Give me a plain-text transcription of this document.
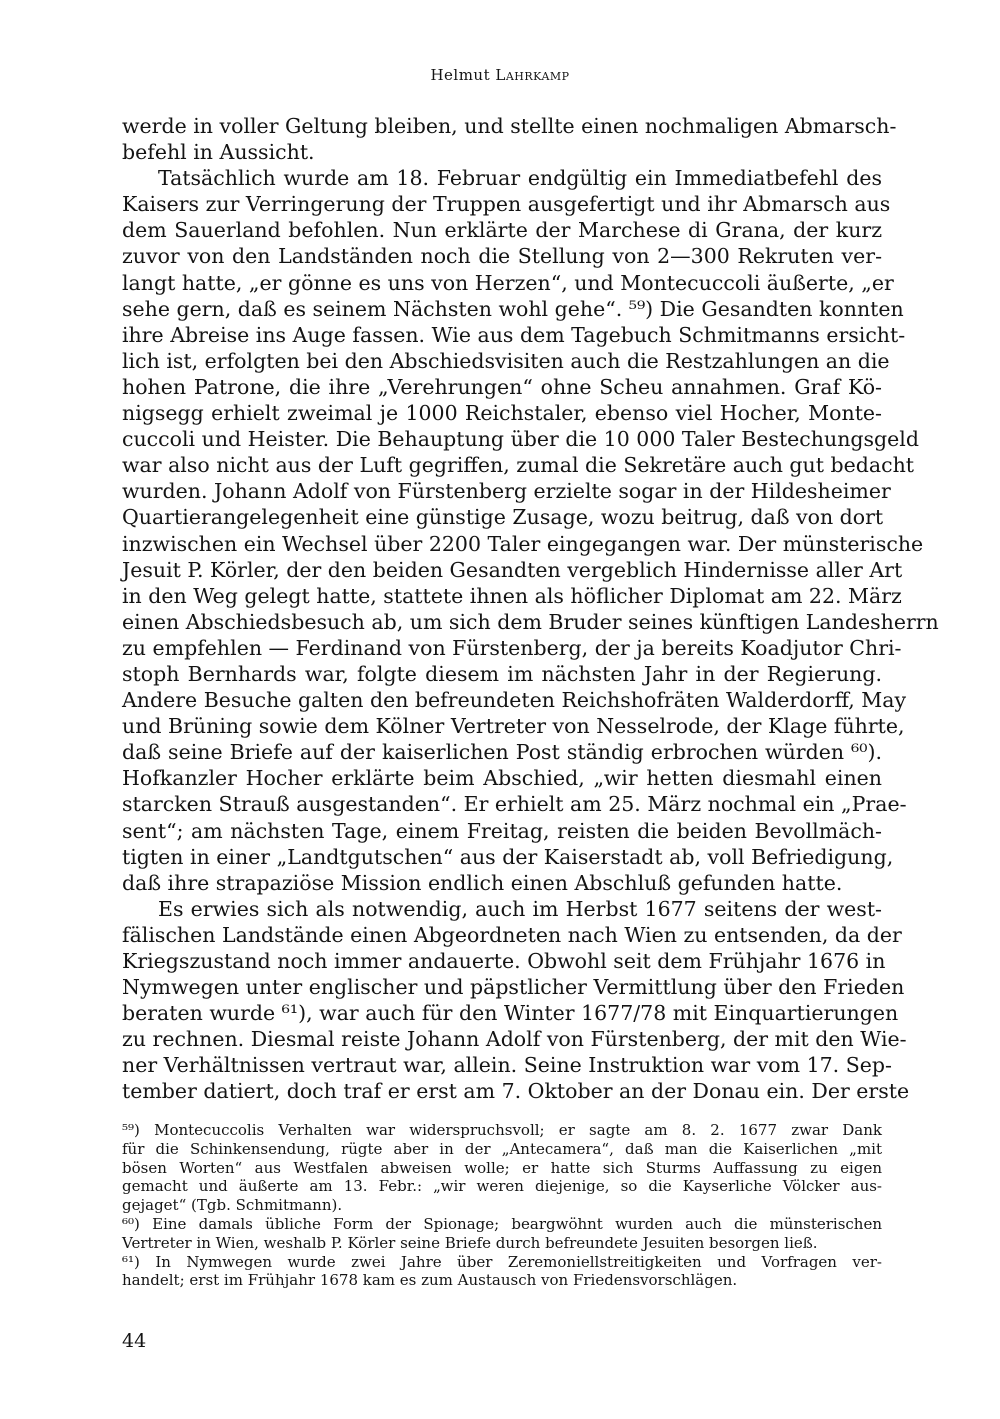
Helmut Lahrkamp
werde in voller Geltung bleiben, und stellte einen nochmaligen Abmarsch-
befehl in Aussicht.
Tatsächlich wurde am 18. Februar endgültig ein Immediatbefehl des
Kaisers zur Verringerung der Truppen ausgefertigt und ihr Abmarsch aus
dem Sauerland befohlen. Nun erklärte der Marchese di Grana, der kurz
zuvor von den Landständen noch die Stellung von 2—300 Rekruten ver-
langt hatte, „er gönne es uns von Herzen“, und Montecuccoli äußerte, „er
sehe gern, daß es seinem Nächsten wohl gehe“. ⁵⁹) Die Gesandten konnten
ihre Abreise ins Auge fassen. Wie aus dem Tagebuch Schmitmanns ersicht-
lich ist, erfolgten bei den Abschiedsvisiten auch die Restzahlungen an die
hohen Patrone, die ihre „Verehrungen“ ohne Scheu annahmen. Graf Kö-
nigsegg erhielt zweimal je 1000 Reichstaler, ebenso viel Hocher, Monte-
cuccoli und Heister. Die Behauptung über die 10 000 Taler Bestechungsgeld
war also nicht aus der Luft gegriffen, zumal die Sekretäre auch gut bedacht
wurden. Johann Adolf von Fürstenberg erzielte sogar in der Hildesheimer
Quartierangelegenheit eine günstige Zusage, wozu beitrug, daß von dort
inzwischen ein Wechsel über 2200 Taler eingegangen war. Der münsterische
Jesuit P. Körler, der den beiden Gesandten vergeblich Hindernisse aller Art
in den Weg gelegt hatte, stattete ihnen als höflicher Diplomat am 22. März
einen Abschiedsbesuch ab, um sich dem Bruder seines künftigen Landesherrn
zu empfehlen — Ferdinand von Fürstenberg, der ja bereits Koadjutor Chri-
stoph Bernhards war, folgte diesem im nächsten Jahr in der Regierung.
Andere Besuche galten den befreundeten Reichshofräten Walderdorff, May
und Brüning sowie dem Kölner Vertreter von Nesselrode, der Klage führte,
daß seine Briefe auf der kaiserlichen Post ständig erbrochen würden ⁶⁰).
Hofkanzler Hocher erklärte beim Abschied, „wir hetten diesmahl einen
starcken Strauß ausgestanden“. Er erhielt am 25. März nochmal ein „Prae-
sent“; am nächsten Tage, einem Freitag, reisten die beiden Bevollmäch-
tigten in einer „Landtgutschen“ aus der Kaiserstadt ab, voll Befriedigung,
daß ihre strapaziöse Mission endlich einen Abschluß gefunden hatte.
Es erwies sich als notwendig, auch im Herbst 1677 seitens der west-
fälischen Landstände einen Abgeordneten nach Wien zu entsenden, da der
Kriegszustand noch immer andauerte. Obwohl seit dem Frühjahr 1676 in
Nymwegen unter englischer und päpstlicher Vermittlung über den Frieden
beraten wurde ⁶¹), war auch für den Winter 1677/78 mit Einquartierungen
zu rechnen. Diesmal reiste Johann Adolf von Fürstenberg, der mit den Wie-
ner Verhältnissen vertraut war, allein. Seine Instruktion war vom 17. Sep-
tember datiert, doch traf er erst am 7. Oktober an der Donau ein. Der erste
⁵⁹) Montecuccolis Verhalten war widerspruchsvoll; er sagte am 8. 2. 1677 zwar Dank
für die Schinkensendung, rügte aber in der „Antecamera“, daß man die Kaiserlichen „mit
bösen Worten“ aus Westfalen abweisen wolle; er hatte sich Sturms Auffassung zu eigen
gemacht und äußerte am 13. Febr.: „wir weren diejenige, so die Kayserliche Völcker aus-
gejaget“ (Tgb. Schmitmann).
⁶⁰) Eine damals übliche Form der Spionage; beargwöhnt wurden auch die münsterischen
Vertreter in Wien, weshalb P. Körler seine Briefe durch befreundete Jesuiten besorgen ließ.
⁶¹) In Nymwegen wurde zwei Jahre über Zeremoniellstreitigkeiten und Vorfragen ver-
handelt; erst im Frühjahr 1678 kam es zum Austausch von Friedensvorschlägen.
44
